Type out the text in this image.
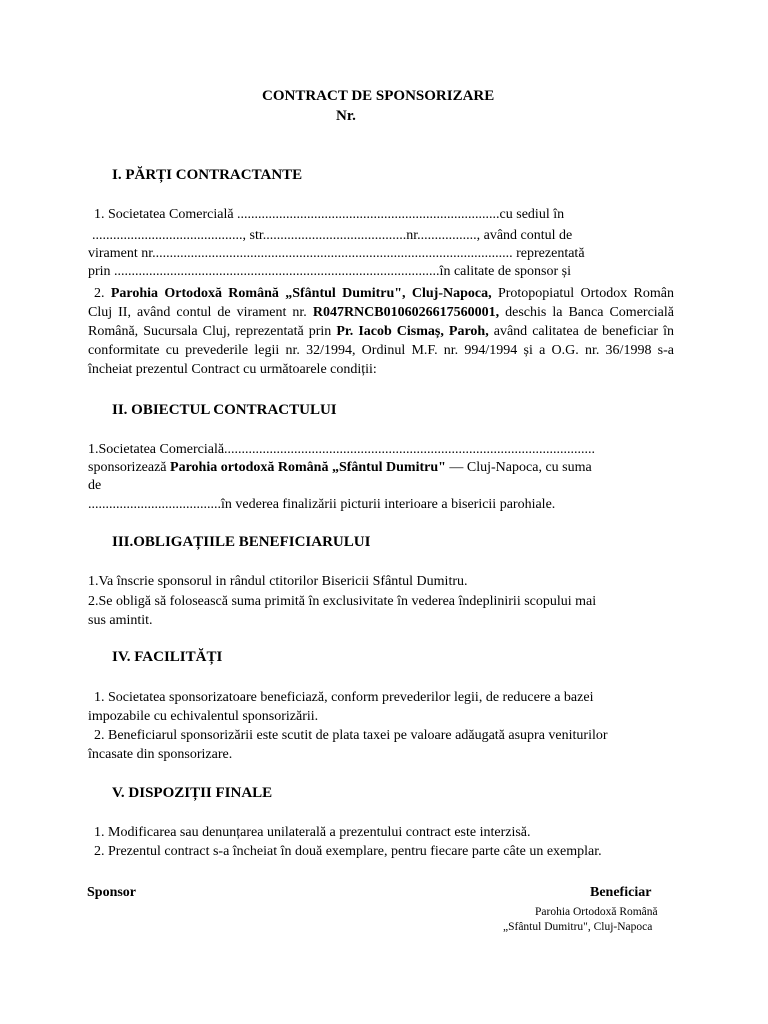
CONTRACT DE SPONSORIZARE
Nr.
I. PĂRȚI CONTRACTANTE
1. Societatea Comercială ...........................................................................cu sediul în
..........................................., str.........................................nr................., având contul de
virament nr....................................................................................................... reprezentată
prin .............................................................................................în calitate de sponsor și
2. Parohia Ortodoxă Română „Sfântul Dumitru", Cluj-Napoca, Protopopiatul Ortodox Român Cluj II, având contul de virament nr. R047RNCB0106026617560001, deschis la Banca Comercială Română, Sucursala Cluj, reprezentată prin Pr. Iacob Cismaș, Paroh, având calitatea de beneficiar în conformitate cu prevederile legii nr. 32/1994, Ordinul M.F. nr. 994/1994 și a O.G. nr. 36/1998 s-a încheiat prezentul Contract cu următoarele condiții:
II. OBIECTUL CONTRACTULUI
1.Societatea Comercială..........................................................................................................
sponsorizează Parohia ortodoxă Română „Sfântul Dumitru" — Cluj-Napoca, cu suma
de
......................................în vederea finalizării picturii interioare a bisericii parohiale.
III.OBLIGAȚIILE BENEFICIARULUI
1.Va înscrie sponsorul in rândul ctitorilor Bisericii Sfântul Dumitru.
2.Se obligă să folosească suma primită în exclusivitate în vederea îndeplinirii scopului mai
sus amintit.
IV. FACILITĂȚI
1. Societatea sponsorizatoare beneficiază, conform prevederilor legii, de reducere a bazei
impozabile cu echivalentul sponsorizării.
2. Beneficiarul sponsorizării este scutit de plata taxei pe valoare adăugată asupra veniturilor
încasate din sponsorizare.
V. DISPOZIȚII FINALE
1. Modificarea sau denunțarea unilaterală a prezentului contract este interzisă.
2. Prezentul contract s-a încheiat în două exemplare, pentru fiecare parte câte un exemplar.
Sponsor	Beneficiar
Parohia Ortodoxă Română
„Sfântul Dumitru", Cluj-Napoca
